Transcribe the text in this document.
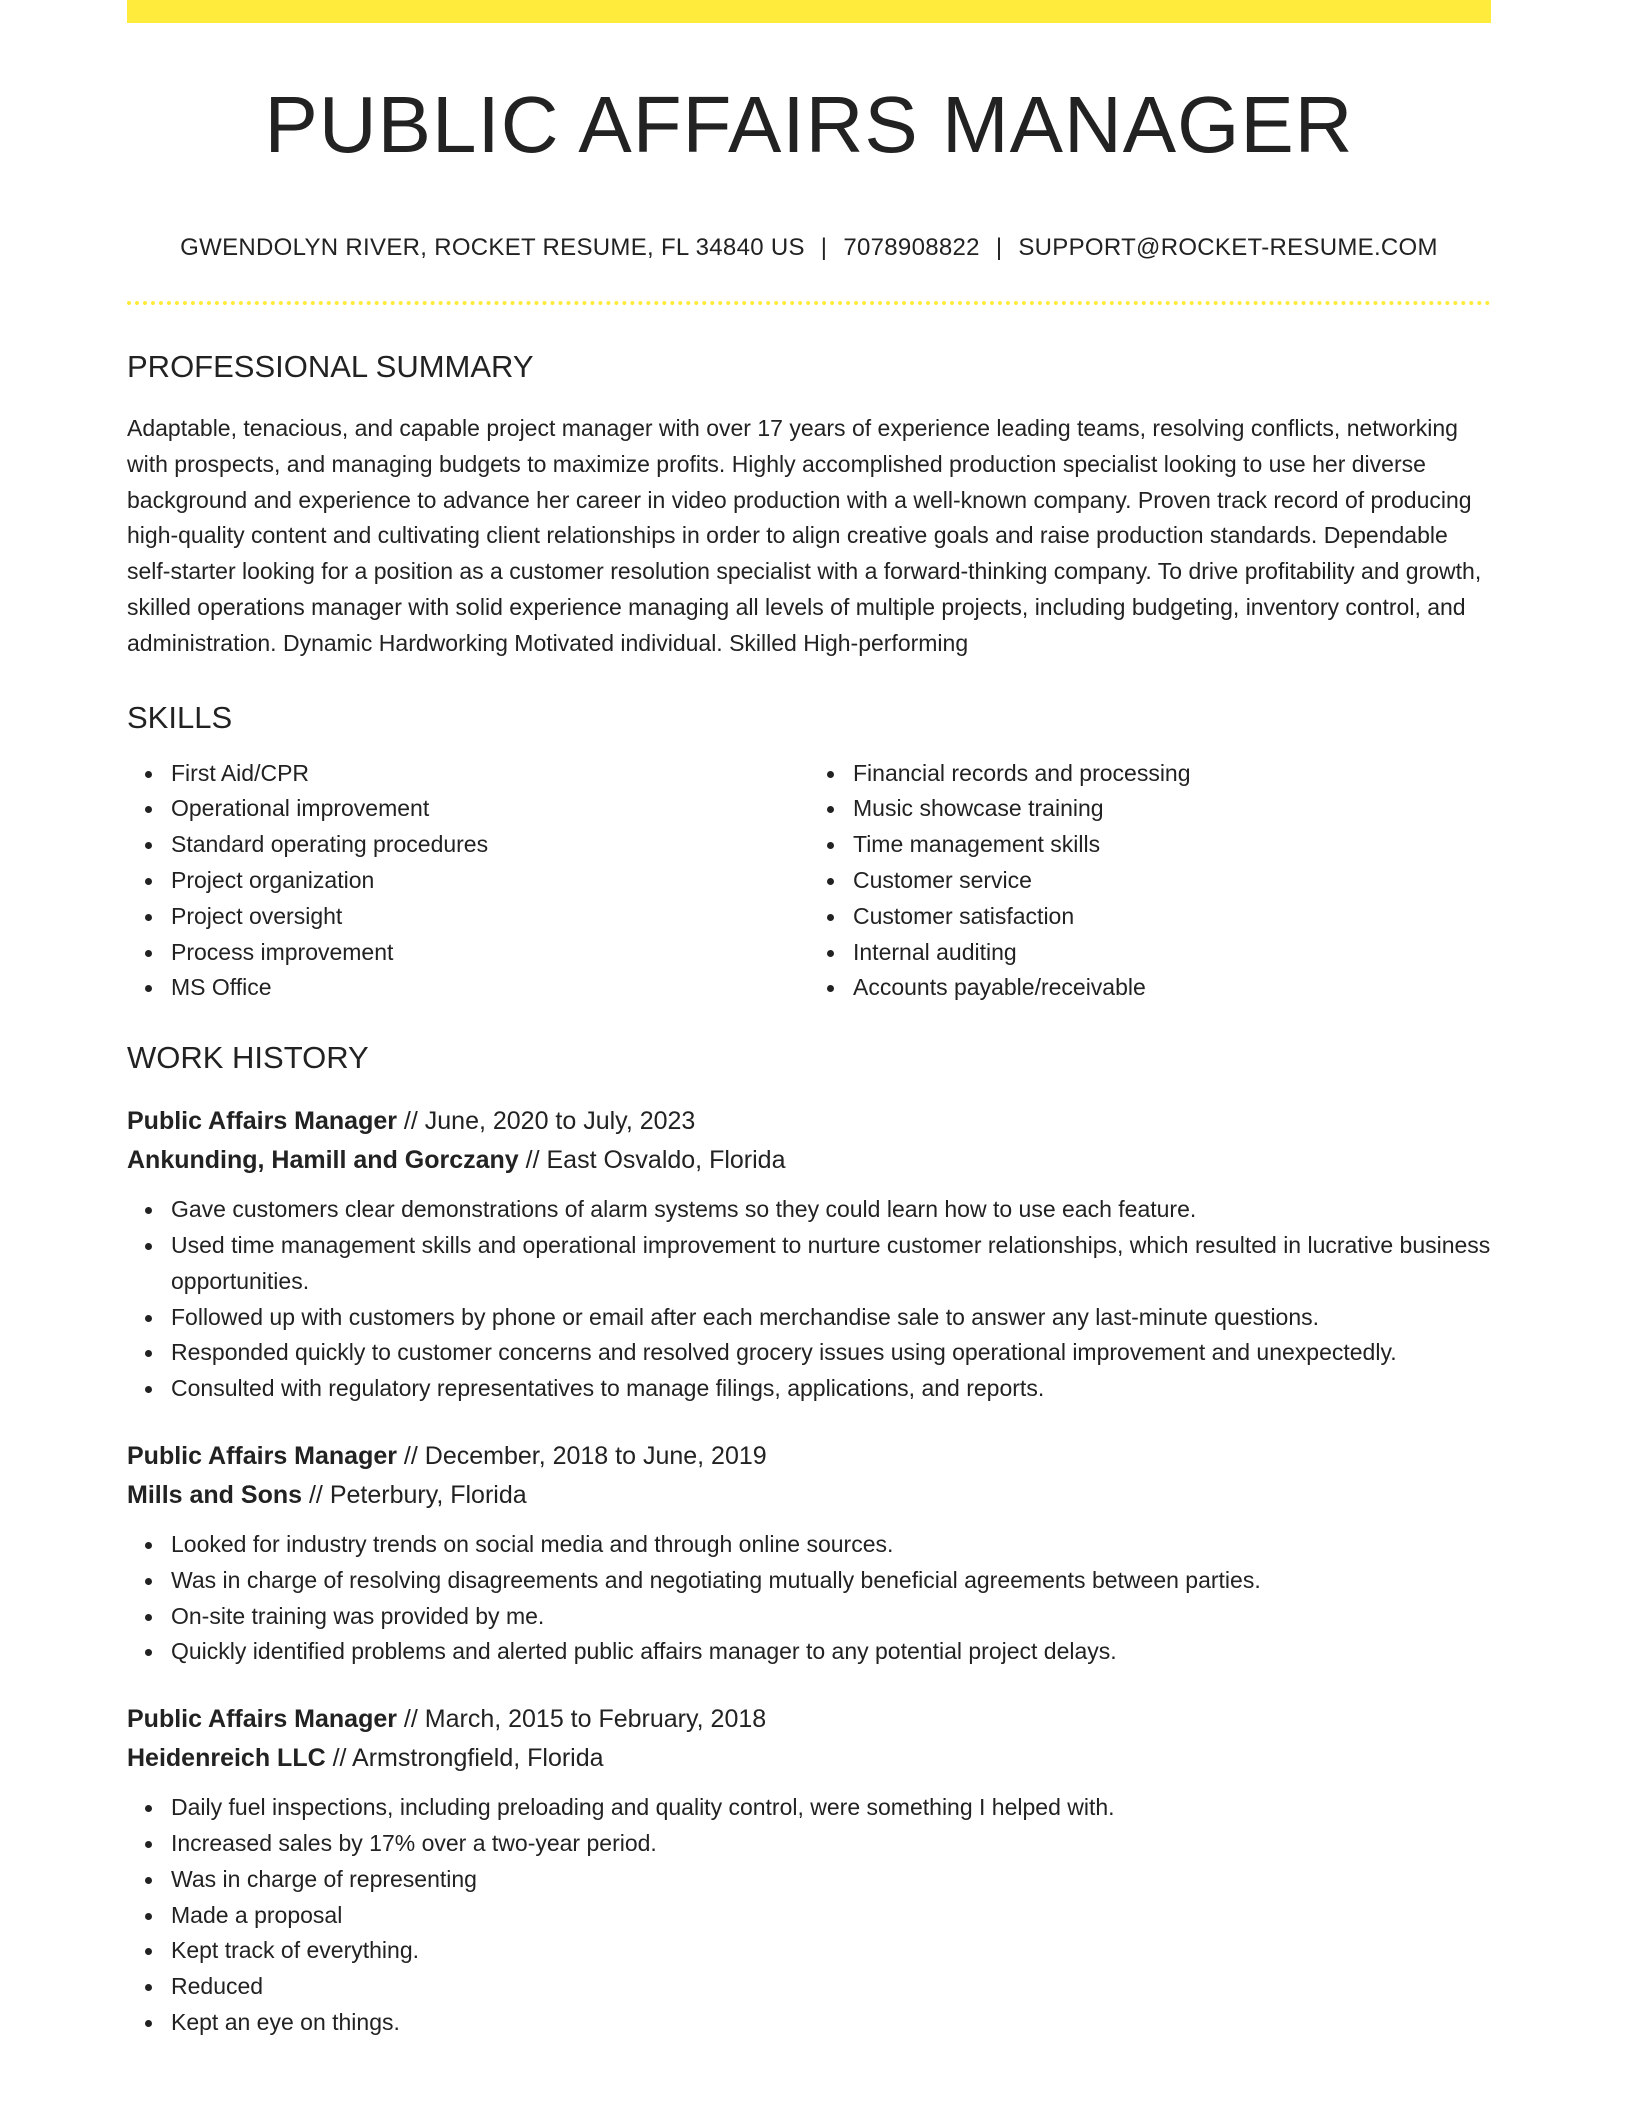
PUBLIC AFFAIRS MANAGER
GWENDOLYN RIVER, ROCKET RESUME, FL 34840 US | 7078908822 | SUPPORT@ROCKET-RESUME.COM
PROFESSIONAL SUMMARY

Adaptable, tenacious, and capable project manager with over 17 years of experience leading teams, resolving conflicts, networking with prospects, and managing budgets to maximize profits. Highly accomplished production specialist looking to use her diverse background and experience to advance her career in video production with a well-known company. Proven track record of producing high-quality content and cultivating client relationships in order to align creative goals and raise production standards. Dependable self-starter looking for a position as a customer resolution specialist with a forward-thinking company. To drive profitability and growth, skilled operations manager with solid experience managing all levels of multiple projects, including budgeting, inventory control, and administration. Dynamic Hardworking Motivated individual. Skilled High-performing

SKILLS
First Aid/CPR
Operational improvement
Standard operating procedures
Project organization
Project oversight
Process improvement
MS Office
Financial records and processing
Music showcase training
Time management skills
Customer service
Customer satisfaction
Internal auditing
Accounts payable/receivable
WORK HISTORY
Public Affairs Manager // June, 2020 to July, 2023
Ankunding, Hamill and Gorczany // East Osvaldo, Florida
Gave customers clear demonstrations of alarm systems so they could learn how to use each feature.
Used time management skills and operational improvement to nurture customer relationships, which resulted in lucrative business opportunities.
Followed up with customers by phone or email after each merchandise sale to answer any last-minute questions.
Responded quickly to customer concerns and resolved grocery issues using operational improvement and unexpectedly.
Consulted with regulatory representatives to manage filings, applications, and reports.
Public Affairs Manager // December, 2018 to June, 2019
Mills and Sons // Peterbury, Florida
Looked for industry trends on social media and through online sources.
Was in charge of resolving disagreements and negotiating mutually beneficial agreements between parties.
On-site training was provided by me.
Quickly identified problems and alerted public affairs manager to any potential project delays.
Public Affairs Manager // March, 2015 to February, 2018
Heidenreich LLC // Armstrongfield, Florida
Daily fuel inspections, including preloading and quality control, were something I helped with.
Increased sales by 17% over a two-year period.
Was in charge of representing
Made a proposal
Kept track of everything.
Reduced
Kept an eye on things.
